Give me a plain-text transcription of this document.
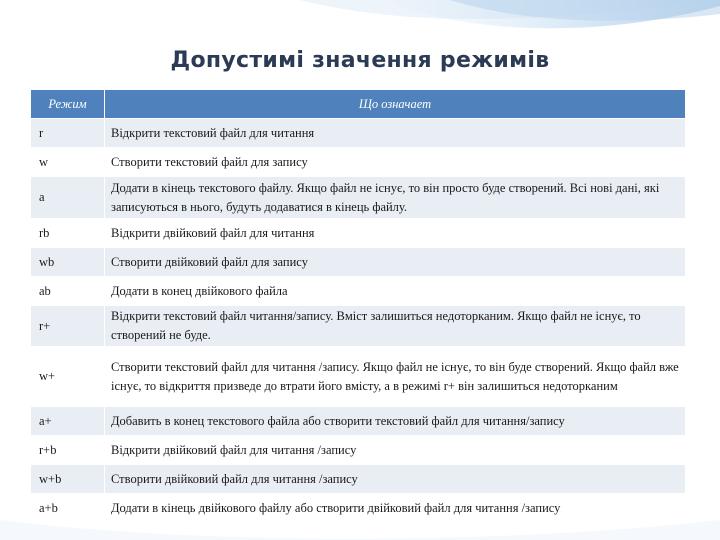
Допустимі значення режимів
Режим	Що означает
r	Відкрити текстовий файл для читання
w	Створити текстовий файл для запису
a	Додати в кінець текстового файлу. Якщо файл не існує, то він просто буде створений. Всі нові дані, які записуються в нього, будуть додаватися в кінець файлу.
rb	Відкрити двійковий файл для читання
wb	Створити двійковий файл для запису
ab	Додати в конец двійкового файла
r+	Відкрити текстовий файл читання/запису. Вміст залишиться недоторканим. Якщо файл не існує, то створений не буде.
w+	Створити текстовий файл для читання /запису. Якщо файл не існує, то він буде створений. Якщо файл вже існує, то відкриття призведе до втрати його вмісту, а в режимі r+ він залишиться недоторканим
a+	Добавить в конец текстового файла або створити текстовий файл для читання/запису
r+b	Відкрити двійковий файл для читання /запису
w+b	Створити двійковий файл для читання /запису
a+b	Додати в кінець двійкового файлу або створити двійковий файл для читання /запису
